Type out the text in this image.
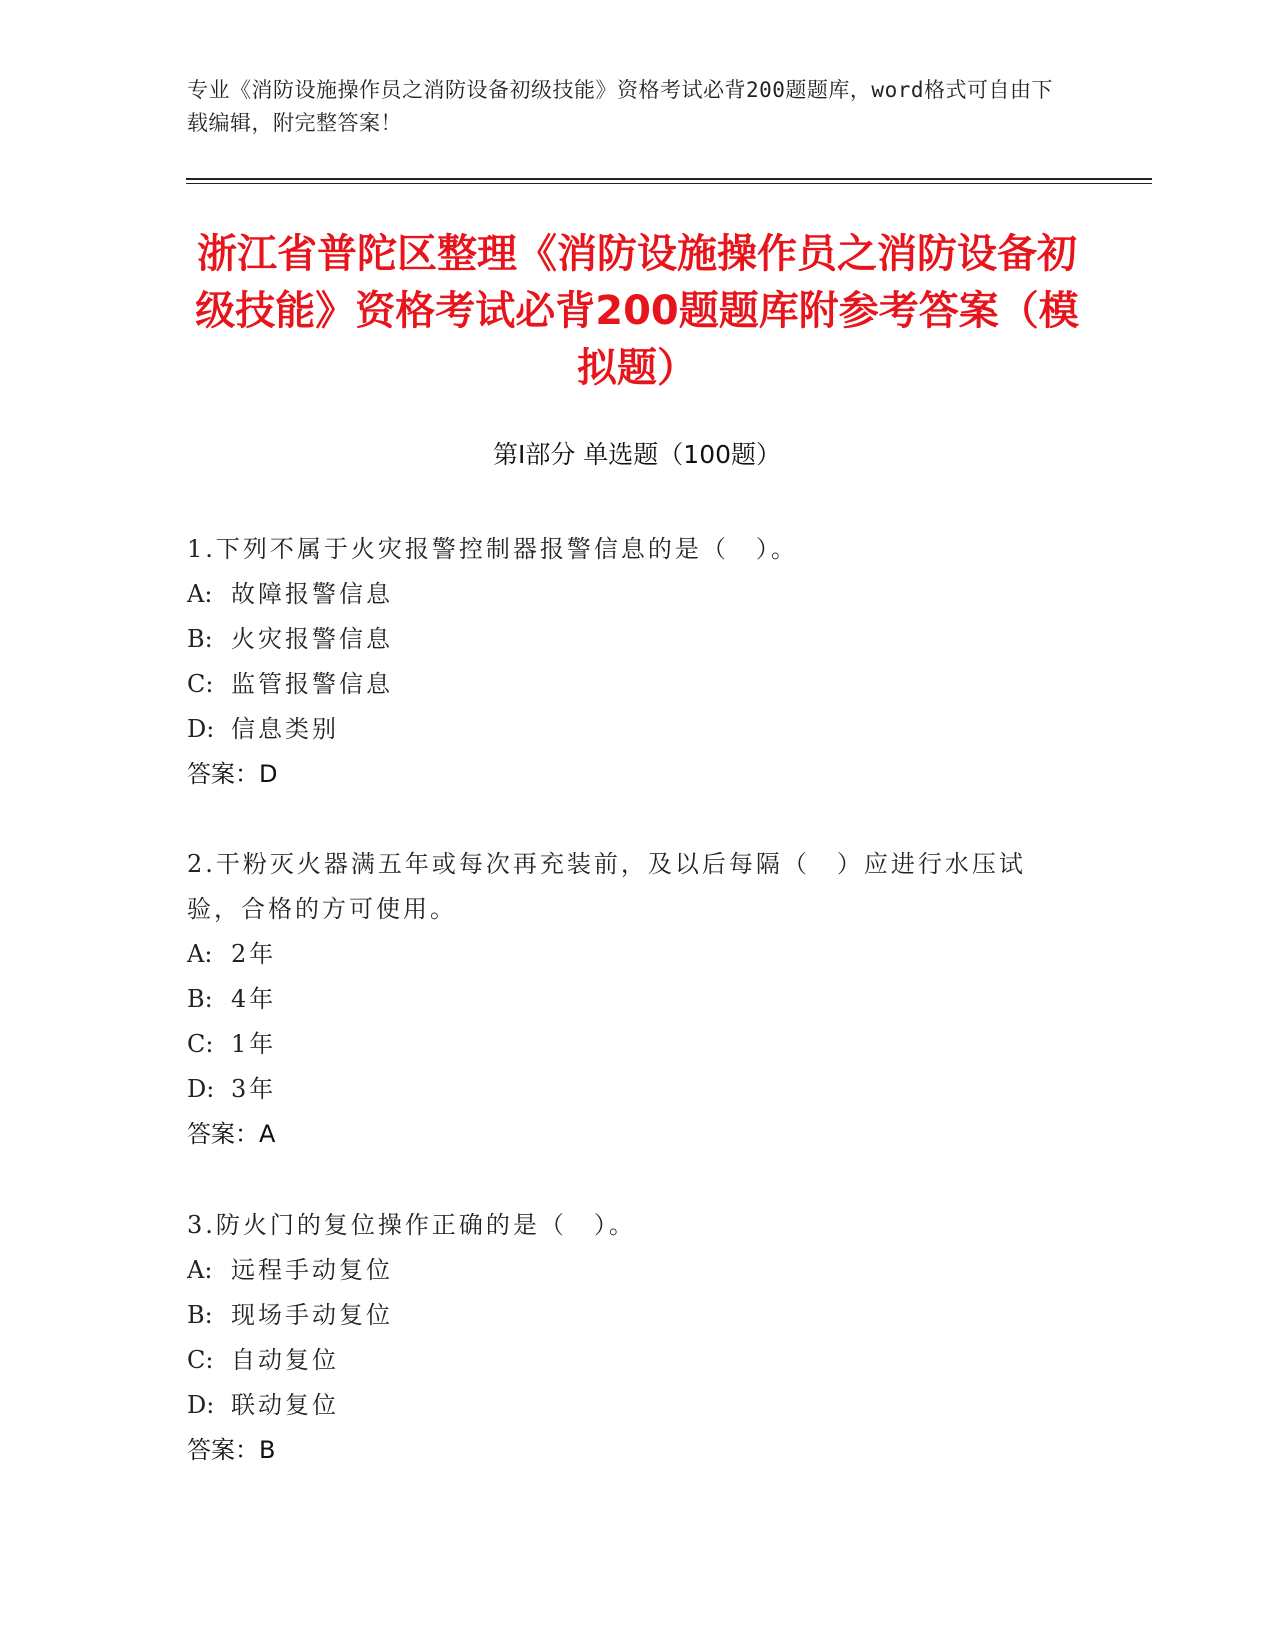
专业《消防设施操作员之消防设备初级技能》资格考试必背200题题库，word格式可自由下载编辑，附完整答案！
浙江省普陀区整理《消防设施操作员之消防设备初级技能》资格考试必背200题题库附参考答案（模拟题）
第I部分 单选题（100题）
1.下列不属于火灾报警控制器报警信息的是（　）。
A: 故障报警信息
B: 火灾报警信息
C: 监管报警信息
D: 信息类别
答案：D
2.干粉灭火器满五年或每次再充装前，及以后每隔（　）应进行水压试验，合格的方可使用。
A: 2年
B: 4年
C: 1年
D: 3年
答案：A
3.防火门的复位操作正确的是（　）。
A: 远程手动复位
B: 现场手动复位
C: 自动复位
D: 联动复位
答案：B
